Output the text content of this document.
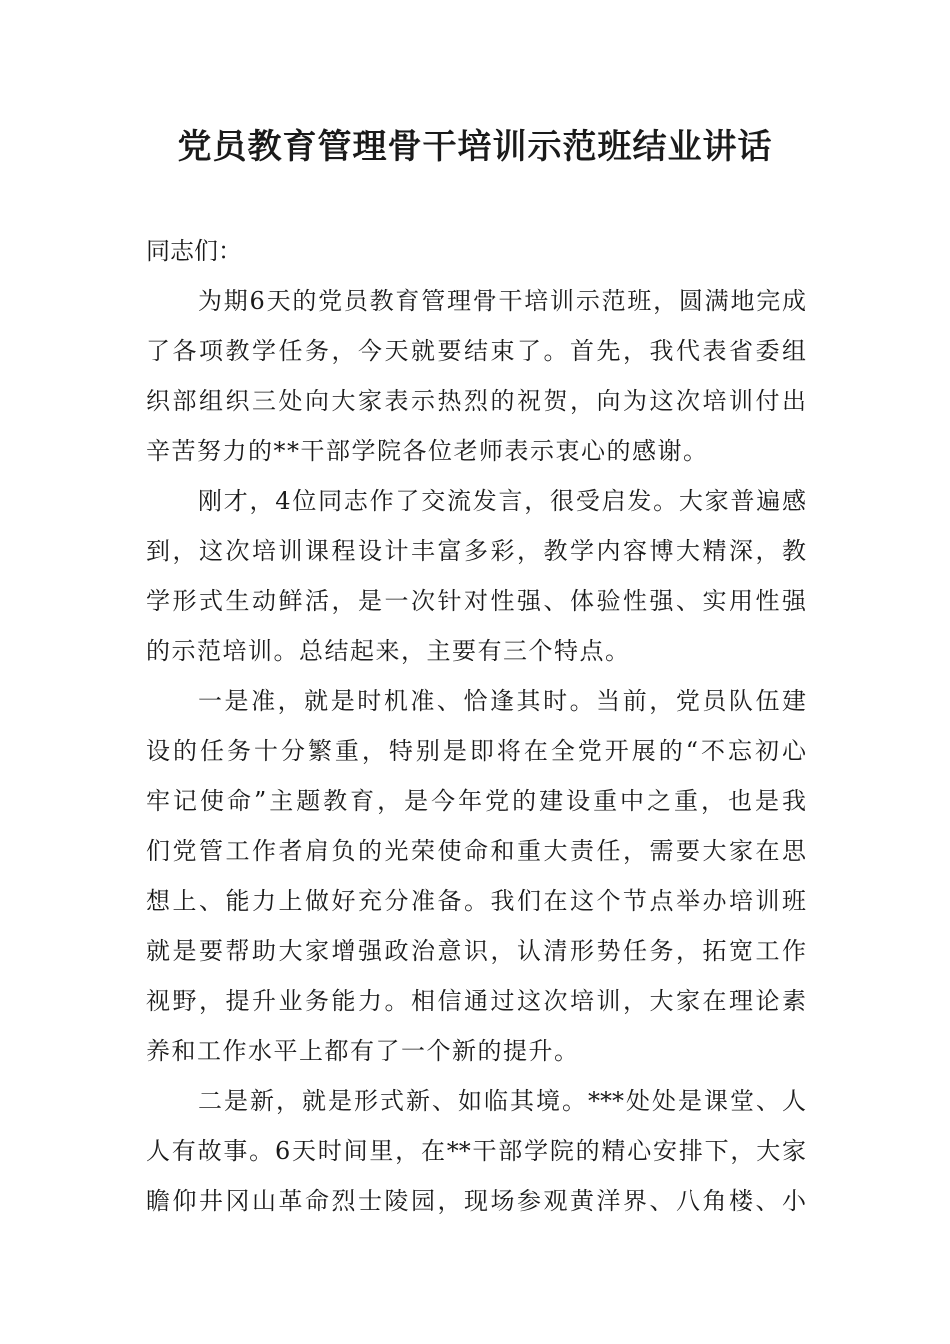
党员教育管理骨干培训示范班结业讲话

同志们：

为期6天的党员教育管理骨干培训示范班，圆满地完成

了各项教学任务，今天就要结束了。首先，我代表省委组

织部组织三处向大家表示热烈的祝贺，向为这次培训付出

辛苦努力的**干部学院各位老师表示衷心的感谢。

刚才，4位同志作了交流发言，很受启发。大家普遍感

到，这次培训课程设计丰富多彩，教学内容博大精深，教

学形式生动鲜活，是一次针对性强、体验性强、实用性强

的示范培训。总结起来，主要有三个特点。

一是准，就是时机准、恰逢其时。当前，党员队伍建

设的任务十分繁重，特别是即将在全党开展的“不忘初心

牢记使命”主题教育，是今年党的建设重中之重，也是我

们党管工作者肩负的光荣使命和重大责任，需要大家在思

想上、能力上做好充分准备。我们在这个节点举办培训班

就是要帮助大家增强政治意识，认清形势任务，拓宽工作

视野，提升业务能力。相信通过这次培训，大家在理论素

养和工作水平上都有了一个新的提升。

二是新，就是形式新、如临其境。***处处是课堂、人

人有故事。6天时间里，在**干部学院的精心安排下，大家

瞻仰井冈山革命烈士陵园，现场参观黄洋界、八角楼、小
